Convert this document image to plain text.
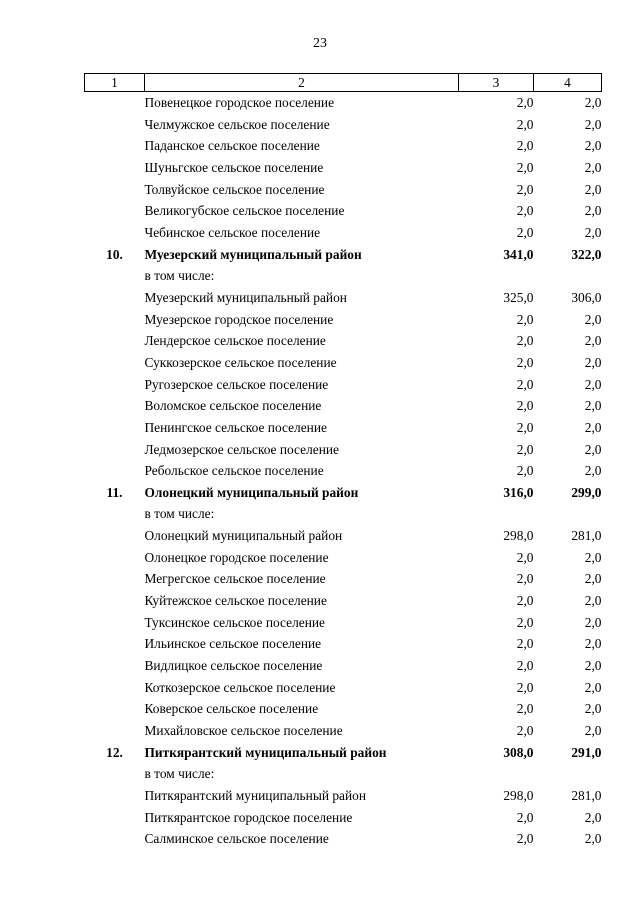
23
1	2	3	4
	Повенецкое городское поселение	2,0	2,0
	Челмужское сельское поселение	2,0	2,0
	Паданское сельское поселение	2,0	2,0
	Шуньгское сельское поселение	2,0	2,0
	Толвуйское сельское поселение	2,0	2,0
	Великогубское сельское поселение	2,0	2,0
	Чебинское сельское поселение	2,0	2,0
10.	Муезерский муниципальный район	341,0	322,0
	в том числе:		
	Муезерский муниципальный район	325,0	306,0
	Муезерское городское поселение	2,0	2,0
	Лендерское сельское поселение	2,0	2,0
	Суккозерское сельское поселение	2,0	2,0
	Ругозерское сельское поселение	2,0	2,0
	Воломское сельское поселение	2,0	2,0
	Пенингское сельское поселение	2,0	2,0
	Ледмозерское сельское поселение	2,0	2,0
	Ребольское сельское поселение	2,0	2,0
11.	Олонецкий муниципальный район	316,0	299,0
	в том числе:		
	Олонецкий муниципальный район	298,0	281,0
	Олонецкое городское поселение	2,0	2,0
	Мегрегское сельское поселение	2,0	2,0
	Куйтежское сельское поселение	2,0	2,0
	Туксинское сельское поселение	2,0	2,0
	Ильинское сельское поселение	2,0	2,0
	Видлицкое сельское поселение	2,0	2,0
	Коткозерское сельское поселение	2,0	2,0
	Коверское сельское поселение	2,0	2,0
	Михайловское сельское поселение	2,0	2,0
12.	Питкярантский муниципальный район	308,0	291,0
	в том числе:		
	Питкярантский муниципальный район	298,0	281,0
	Питкярантское городское поселение	2,0	2,0
	Салминское сельское поселение	2,0	2,0
